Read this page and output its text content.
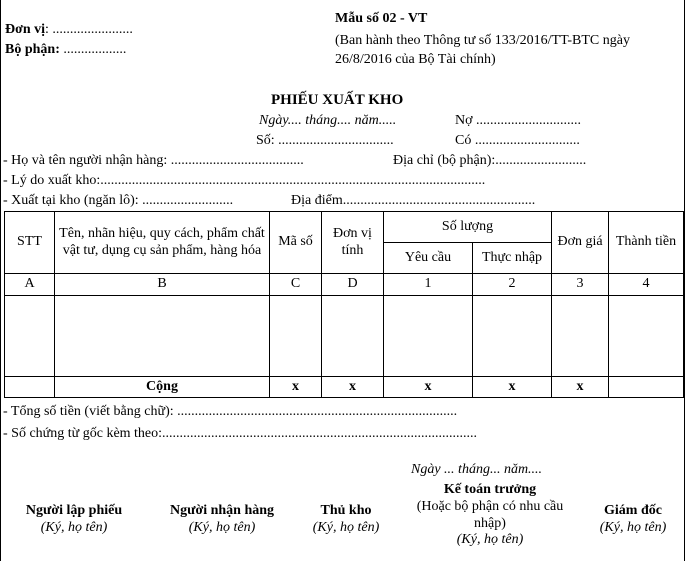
Đơn vị: .......................
Bộ phận: ..................
Mẫu số 02 - VT
(Ban hành theo Thông tư số 133/2016/TT-BTC ngày
26/8/2016 của Bộ Tài chính)
PHIẾU XUẤT KHO
Ngày.... tháng.... năm.....
Số: .................................
Nợ ..............................
Có ..............................
- Họ và tên người nhận hàng: ......................................	Địa chỉ (bộ phận):..........................
- Lý do xuất kho:..............................................................................................................
- Xuất tại kho (ngăn lô): ..........................	Địa điểm.......................................................
STT	Tên, nhãn hiệu, quy cách, phẩm chất vật tư, dụng cụ sản phẩm, hàng hóa	Mã số	Đơn vị tính	Số lượng		Đơn giá	Thành tiền
				Yêu cầu	Thực nhập		
A	B	C	D	1	2	3	4

	Cộng	x	x	x	x	x	
- Tổng số tiền (viết bằng chữ): ................................................................................
- Số chứng từ gốc kèm theo:..........................................................................................
Ngày ... tháng... năm....
Người lập phiếu
(Ký, họ tên)
Người nhận hàng
(Ký, họ tên)
Thủ kho
(Ký, họ tên)
Kế toán trưởng
(Hoặc bộ phận có nhu cầu
nhập)
(Ký, họ tên)
Giám đốc
(Ký, họ tên)
